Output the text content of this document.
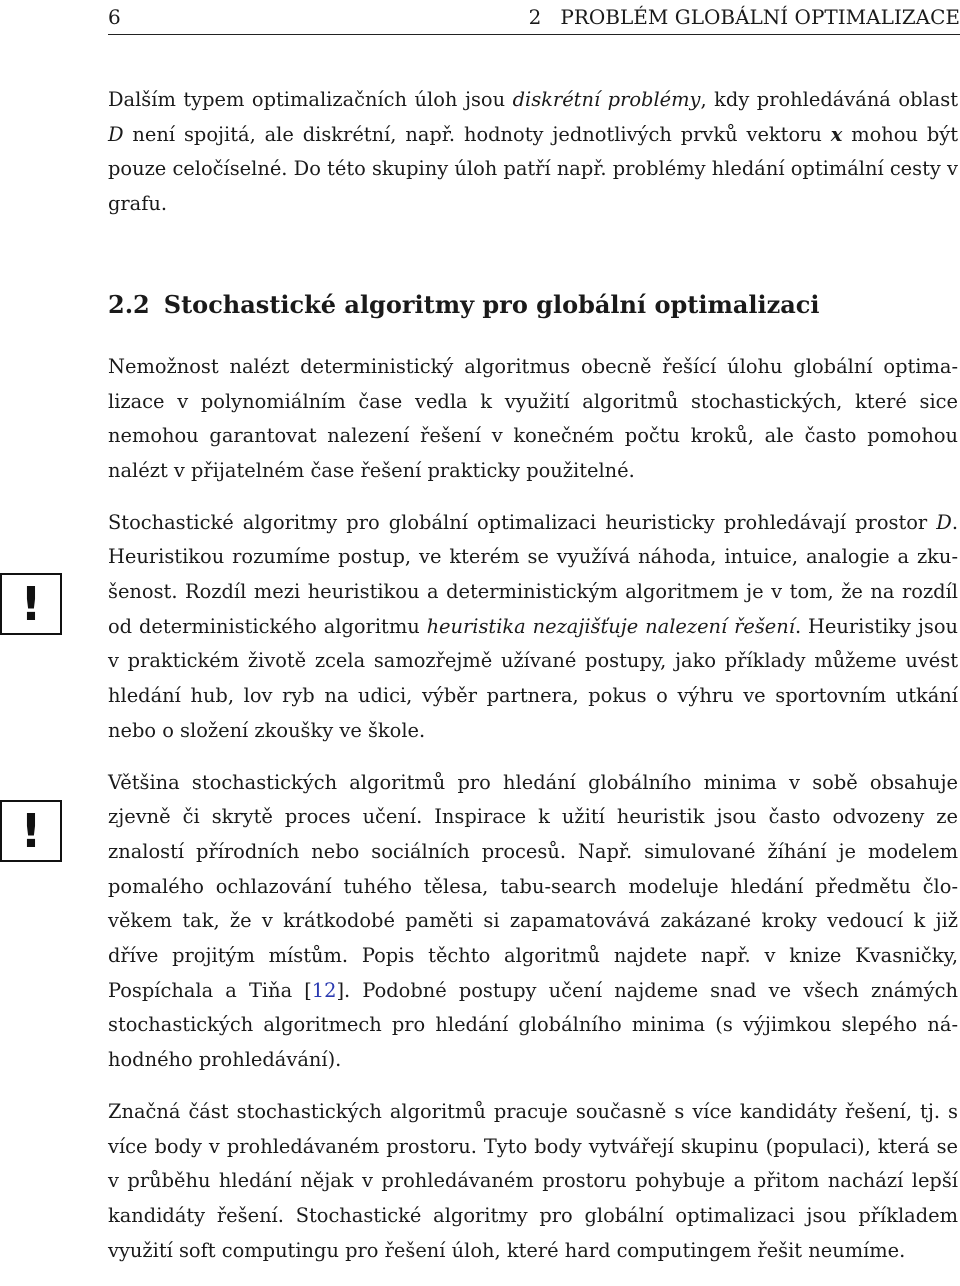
6	2   PROBLÉM GLOBÁLNÍ OPTIMALIZACE
!
!

Dalším typem optimalizačních úloh jsou diskrétní problémy, kdy prohledáváná oblast D není spojitá, ale diskrétní, např. hodnoty jednotlivých prvků vektoru x mohou být pouze celočíselné. Do této skupiny úloh patří např. problémy hledání optimální cesty v grafu.

2.2 Stochastické algoritmy pro globální optimalizaci

Nemožnost nalézt deterministický algoritmus obecně řešící úlohu globální optimalizace v polynomiálním čase vedla k využití algoritmů stochastických, které sice nemohou garantovat nalezení řešení v konečném počtu kroků, ale často pomohou nalézt v přijatelném čase řešení prakticky použitelné.

Stochastické algoritmy pro globální optimalizaci heuristicky prohledávají prostor D. Heuristikou rozumíme postup, ve kterém se využívá náhoda, intuice, analogie a zkušenost. Rozdíl mezi heuristikou a deterministickým algoritmem je v tom, že na rozdíl od deterministického algoritmu heuristika nezajišťuje nalezení řešení. Heuristiky jsou v praktickém životě zcela samozřejmě užívané postupy, jako příklady můžeme uvést hledání hub, lov ryb na udici, výběr partnera, pokus o výhru ve sportovním utkání nebo o složení zkoušky ve škole.

Většina stochastických algoritmů pro hledání globálního minima v sobě obsahuje zjevně či skrytě proces učení. Inspirace k užití heuristik jsou často odvozeny ze znalostí přírodních nebo sociálních procesů. Např. simulované žíhání je modelem pomalého ochlazování tuhého tělesa, tabu-search modeluje hledání předmětu člověkem tak, že v krátkodobé paměti si zapamatovává zakázané kroky vedoucí k již dříve projitým místům. Popis těchto algoritmů najdete např. v knize Kvasničky, Pospíchala a Tiňa [12]. Podobné postupy učení najdeme snad ve všech známých stochastických algoritmech pro hledání globálního minima (s výjimkou slepého náhodného prohledávání).

Značná část stochastických algoritmů pracuje současně s více kandidáty řešení, tj. s více body v prohledávaném prostoru. Tyto body vytvářejí skupinu (populaci), která se v průběhu hledání nějak v prohledávaném prostoru pohybuje a přitom nachází lepší kandidáty řešení. Stochastické algoritmy pro globální optimalizaci jsou příkladem využití soft computingu pro řešení úloh, které hard computingem řešit neumíme.
